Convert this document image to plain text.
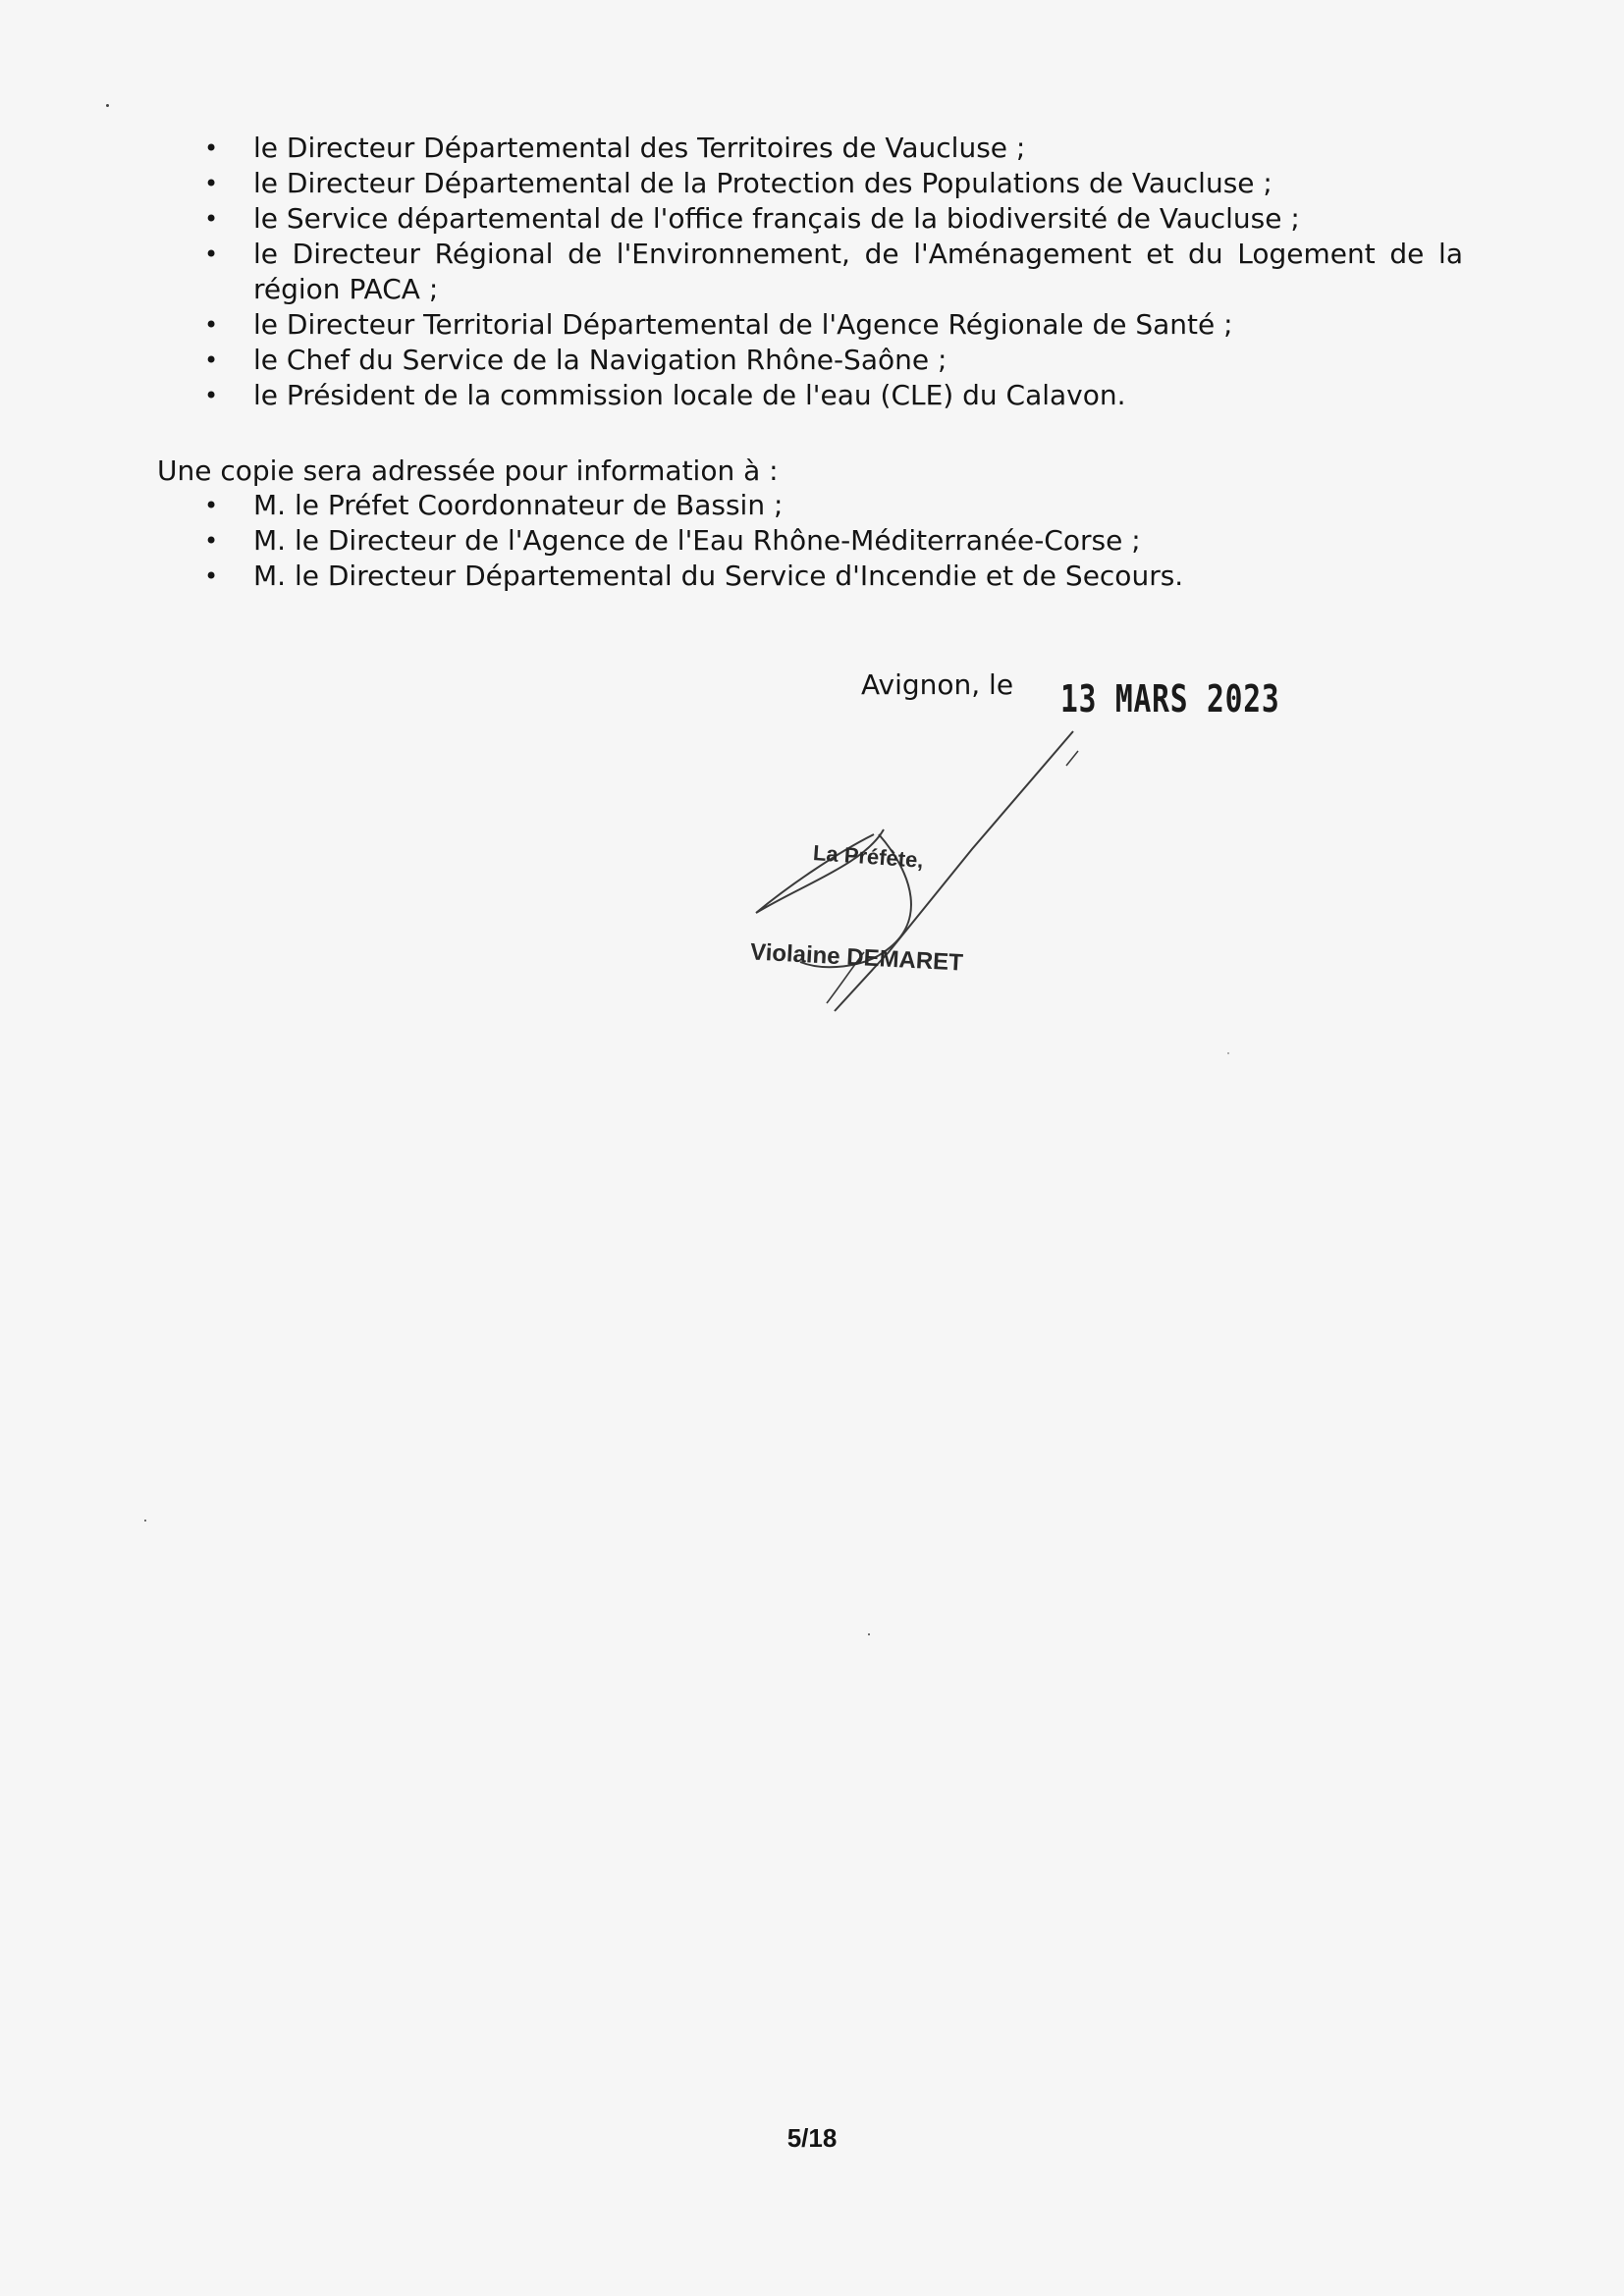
• le Directeur Départemental des Territoires de Vaucluse ;
• le Directeur Départemental de la Protection des Populations de Vaucluse ;
• le Service départemental de l'office français de la biodiversité de Vaucluse ;
• le Directeur Régional de l'Environnement, de l'Aménagement et du Logement de la région PACA ;
• le Directeur Territorial Départemental de l'Agence Régionale de Santé ;
• le Chef du Service de la Navigation Rhône-Saône ;
• le Président de la commission locale de l'eau (CLE) du Calavon.
Une copie sera adressée pour information à :
• M. le Préfet Coordonnateur de Bassin ;
• M. le Directeur de l'Agence de l'Eau Rhône-Méditerranée-Corse ;
• M. le Directeur Départemental du Service d'Incendie et de Secours.
Avignon, le 13 MARS 2023
La Préfète,
Violaine DEMARET
5/18
